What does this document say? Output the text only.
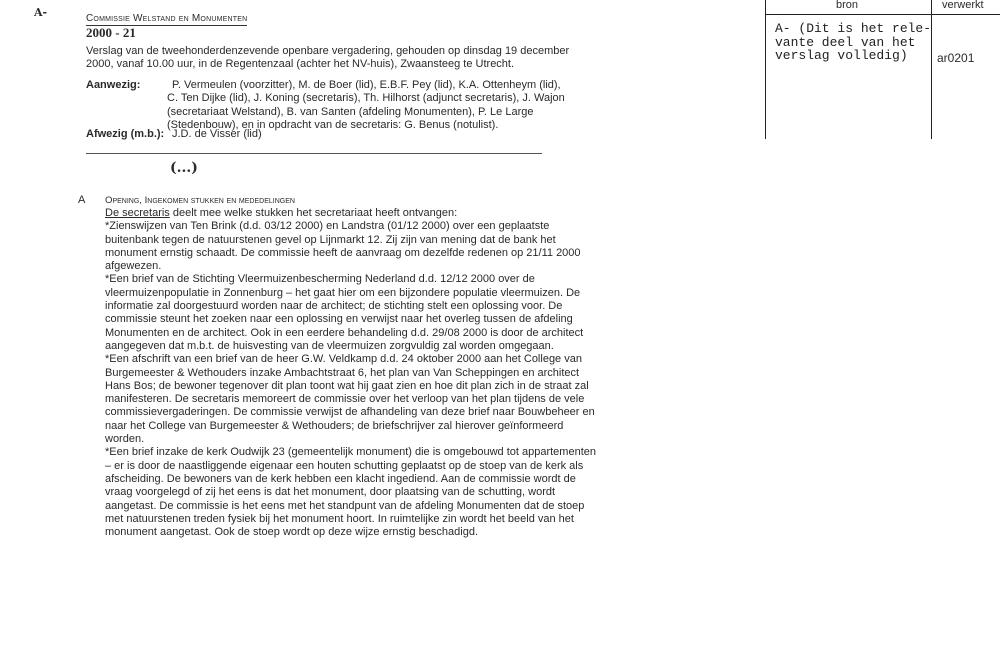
A-	Commissie Welstand en Monumenten
2000 - 21
Verslag van de tweehonderdenzevende openbare vergadering, gehouden op dinsdag 19 december
2000, vanaf 10.00 uur, in de Regentenzaal (achter het NV-huis), Zwaansteeg te Utrecht.
Aanwezig:	P. Vermeulen (voorzitter), M. de Boer (lid), E.B.F. Pey (lid), K.A. Ottenheym (lid),
C. Ten Dijke (lid), J. Koning (secretaris), Th. Hilhorst (adjunct secretaris), J. Wajon
(secretariaat Welstand), B. van Santen (afdeling Monumenten), P. Le Large
(Stedenbouw), en in opdracht van de secretaris: G. Benus (notulist).
Afwezig (m.b.): J.D. de Visser (lid)
(...)
A Opening, Ingekomen stukken en mededelingen
De secretaris deelt mee welke stukken het secretariaat heeft ontvangen:
*Zienswijzen van Ten Brink (d.d. 03/12 2000) en Landstra (01/12 2000) over een geplaatste
buitenbank tegen de natuurstenen gevel op Lijnmarkt 12. Zij zijn van mening dat de bank het
monument ernstig schaadt. De commissie heeft de aanvraag om dezelfde redenen op 21/11 2000
afgewezen.
*Een brief van de Stichting Vleermuizenbescherming Nederland d.d. 12/12 2000 over de
vleermuizenpopulatie in Zonnenburg – het gaat hier om een bijzondere populatie vleermuizen. De
informatie zal doorgestuurd worden naar de architect; de stichting stelt een oplossing voor. De
commissie steunt het zoeken naar een oplossing en verwijst naar het overleg tussen de afdeling
Monumenten en de architect. Ook in een eerdere behandeling d.d. 29/08 2000 is door de architect
aangegeven dat m.b.t. de huisvesting van de vleermuizen zorgvuldig zal worden omgegaan.
*Een afschrift van een brief van de heer G.W. Veldkamp d.d. 24 oktober 2000 aan het College van
Burgemeester & Wethouders inzake Ambachtstraat 6, het plan van Van Scheppingen en architect
Hans Bos; de bewoner tegenover dit plan toont wat hij gaat zien en hoe dit plan zich in de straat zal
manifesteren. De secretaris memoreert de commissie over het verloop van het plan tijdens de vele
commissievergaderingen. De commissie verwijst de afhandeling van deze brief naar Bouwbeheer en
naar het College van Burgemeester & Wethouders; de briefschrijver zal hierover geïnformeerd
worden.
*Een brief inzake de kerk Oudwijk 23 (gemeentelijk monument) die is omgebouwd tot appartementen
– er is door de naastliggende eigenaar een houten schutting geplaatst op de stoep van de kerk als
afscheiding. De bewoners van de kerk hebben een klacht ingediend. Aan de commissie wordt de
vraag voorgelegd of zij het eens is dat het monument, door plaatsing van de schutting, wordt
aangetast. De commissie is het eens met het standpunt van de afdeling Monumenten dat de stoep
met natuurstenen treden fysiek bij het monument hoort. In ruimtelijke zin wordt het beeld van het
monument aangetast. Ook de stoep wordt op deze wijze ernstig beschadigd.
bron	verwerkt
A- (Dit is het rele-
vante deel van het
verslag volledig)	ar0201
